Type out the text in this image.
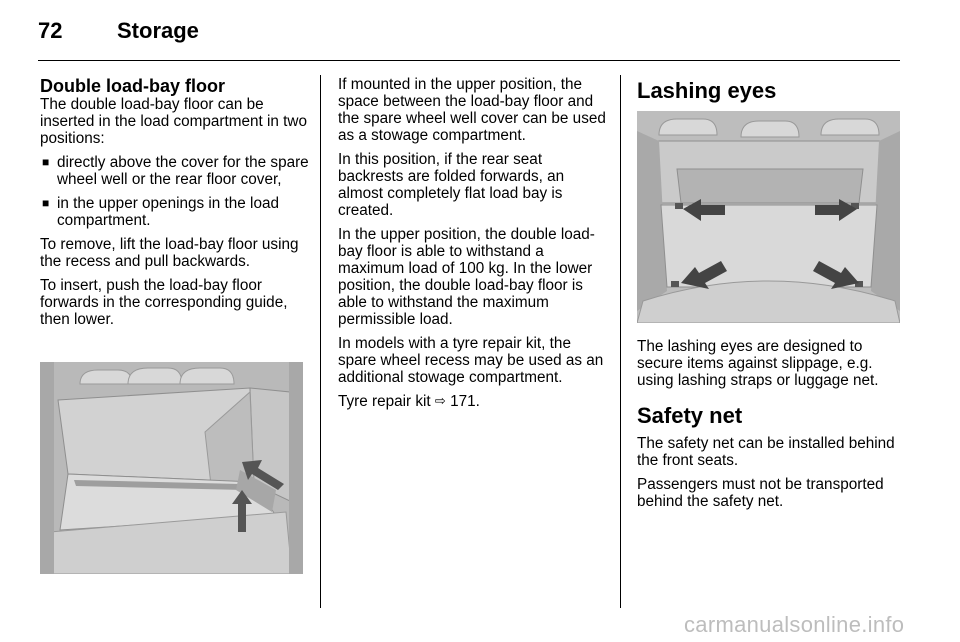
72 Storage
Double load-bay floor

The double load-bay floor can be inserted in the load compartment in two positions:

■ directly above the cover for the spare wheel well or the rear floor cover,
■ in the upper openings in the load compartment.

To remove, lift the load-bay floor using the recess and pull backwards.

To insert, push the load-bay floor forwards in the corresponding guide, then lower.

If mounted in the upper position, the space between the load-bay floor and the spare wheel well cover can be used as a stowage compartment.

In this position, if the rear seat backrests are folded forwards, an almost completely flat load bay is created.

In the upper position, the double load-bay floor is able to withstand a maximum load of 100 kg. In the lower position, the double load-bay floor is able to withstand the maximum permissible load.

In models with a tyre repair kit, the spare wheel recess may be used as an additional stowage compartment.

Tyre repair kit ⇨ 171.

Lashing eyes

The lashing eyes are designed to secure items against slippage, e.g. using lashing straps or luggage net.

Safety net

The safety net can be installed behind the front seats.

Passengers must not be transported behind the safety net.

carmanualsonline.info
